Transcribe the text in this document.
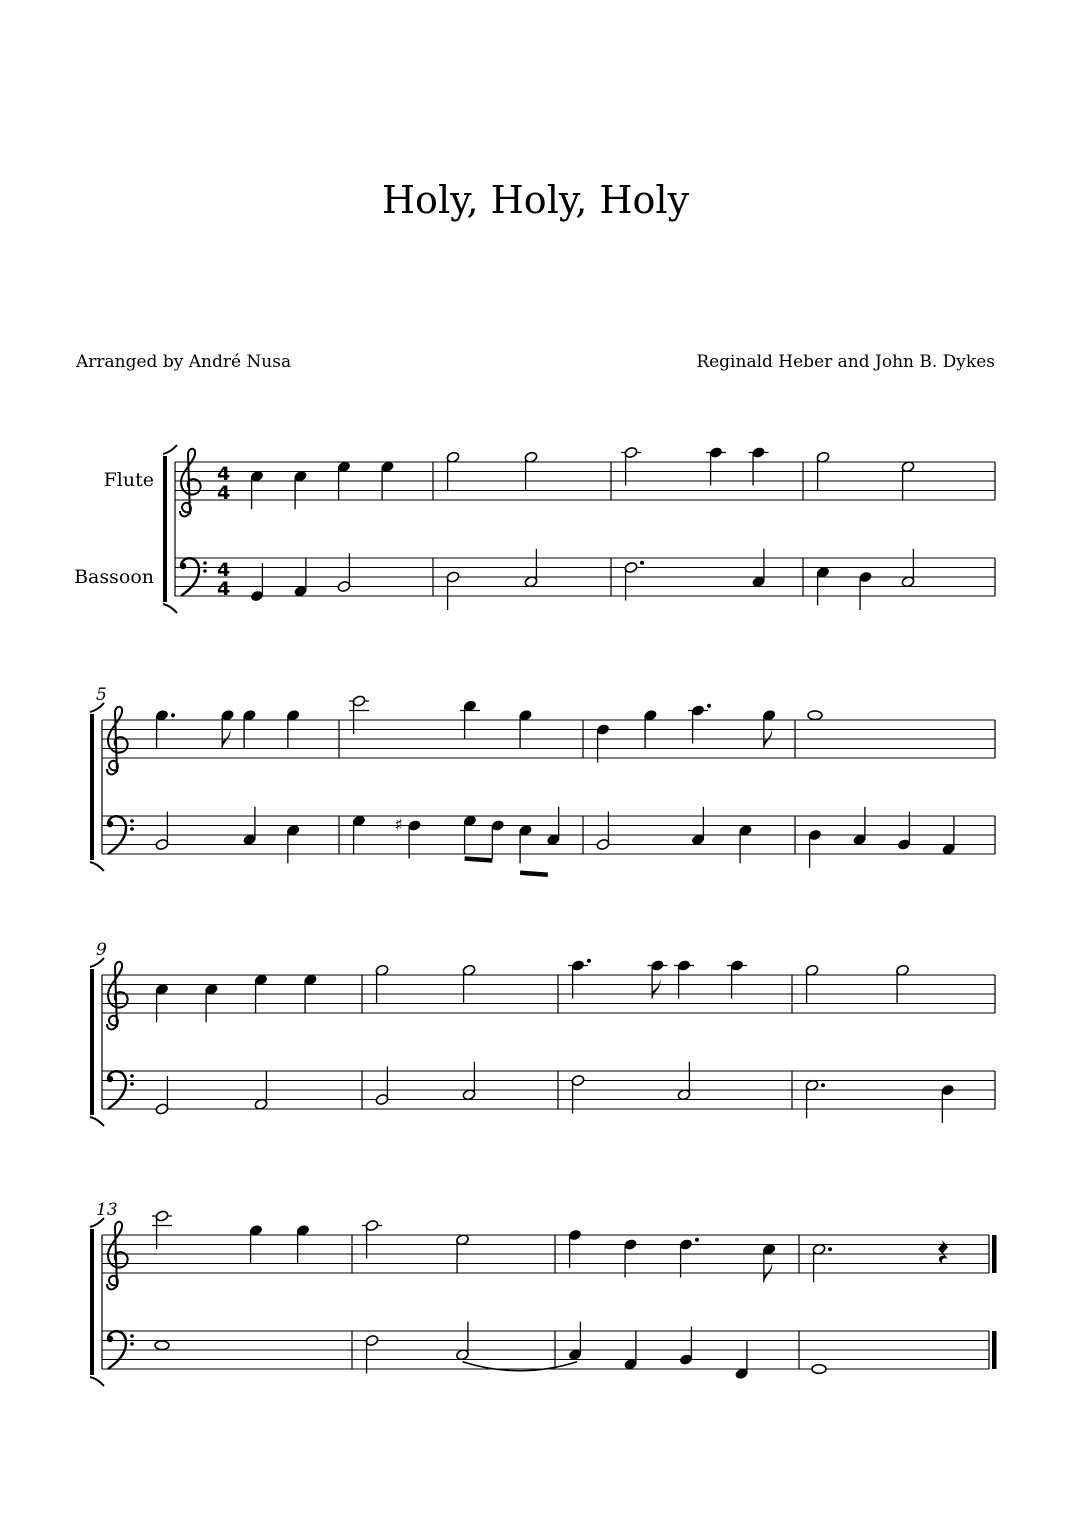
Holy, Holy, Holy
Arranged by André Nusa	Reginald Heber and John B. Dykes
Flute
Bassoon
4
4
4
4
5
♯
9
13
